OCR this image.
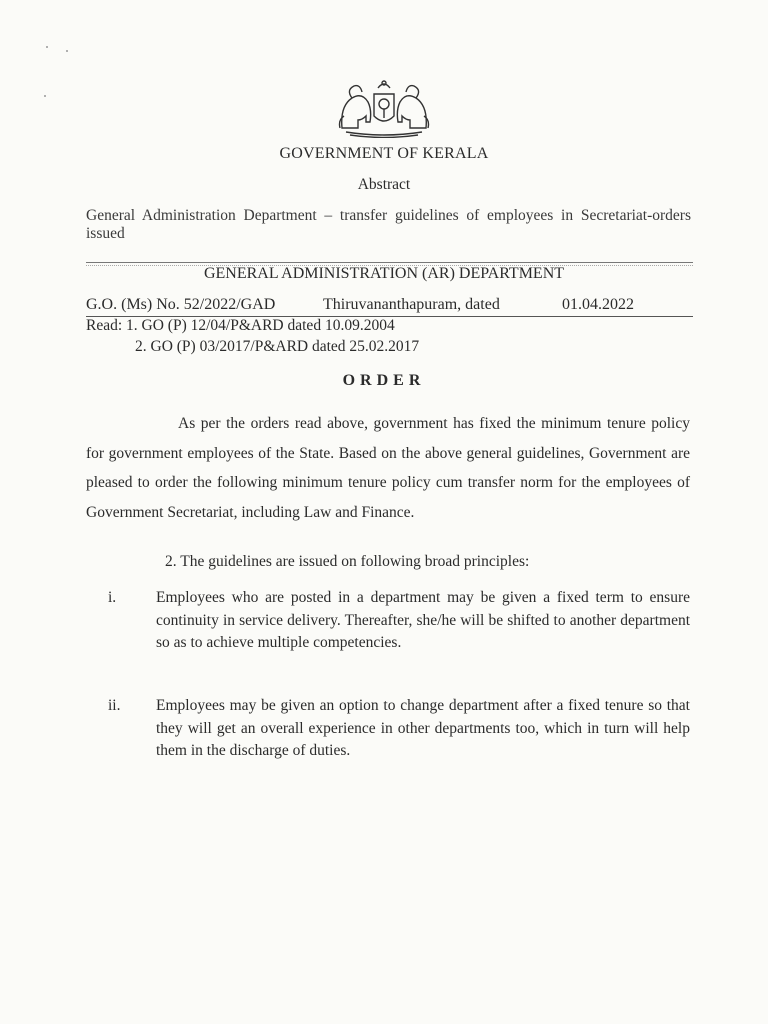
GOVERNMENT OF KERALA
Abstract
General Administration Department – transfer guidelines of employees in Secretariat-orders issued
GENERAL ADMINISTRATION (AR) DEPARTMENT
G.O. (Ms) No. 52/2022/GAD	Thiruvananthapuram, dated	01.04.2022
Read: 1. GO (P) 12/04/P&ARD dated 10.09.2004
2. GO (P) 03/2017/P&ARD dated 25.02.2017
ORDER
As per the orders read above, government has fixed the minimum tenure policy for government employees of the State. Based on the above general guidelines, Government are pleased to order the following minimum tenure policy cum transfer norm for the employees of Government Secretariat, including Law and Finance.
2. The guidelines are issued on following broad principles:
i.	Employees who are posted in a department may be given a fixed term to ensure continuity in service delivery. Thereafter, she/he will be shifted to another department so as to achieve multiple competencies.
ii. Employees may be given an option to change department after a fixed tenure so that they will get an overall experience in other departments too, which in turn will help them in the discharge of duties.
